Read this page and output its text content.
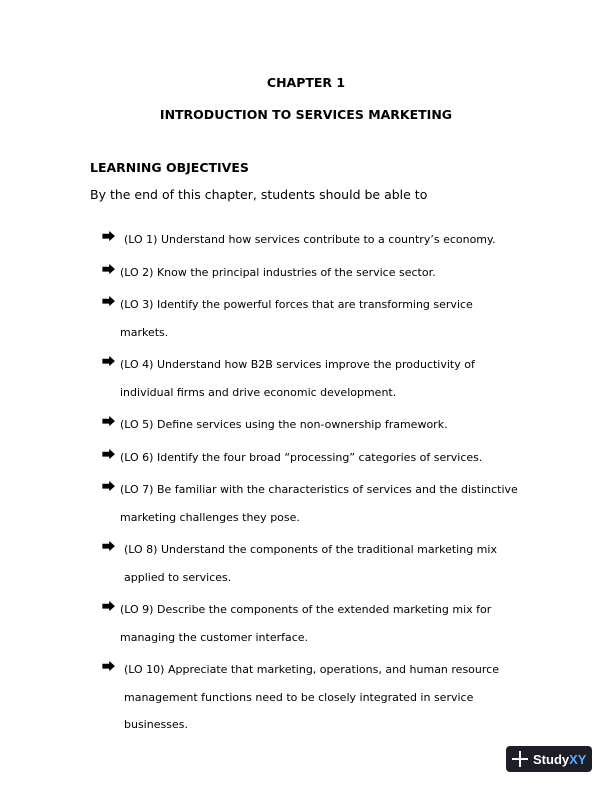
CHAPTER 1
INTRODUCTION TO SERVICES MARKETING
LEARNING OBJECTIVES
By the end of this chapter, students should be able to
⮕ (LO 1) Understand how services contribute to a country’s economy.
⮕ (LO 2) Know the principal industries of the service sector.
⮕ (LO 3) Identify the powerful forces that are transforming service
markets.
⮕ (LO 4) Understand how B2B services improve the productivity of
individual firms and drive economic development.
⮕ (LO 5) Define services using the non-ownership framework.
⮕ (LO 6) Identify the four broad “processing” categories of services.
⮕ (LO 7) Be familiar with the characteristics of services and the distinctive
marketing challenges they pose.
⮕ (LO 8) Understand the components of the traditional marketing mix
applied to services.
⮕ (LO 9) Describe the components of the extended marketing mix for
managing the customer interface.
⮕ (LO 10) Appreciate that marketing, operations, and human resource
management functions need to be closely integrated in service
businesses.
Study XY
